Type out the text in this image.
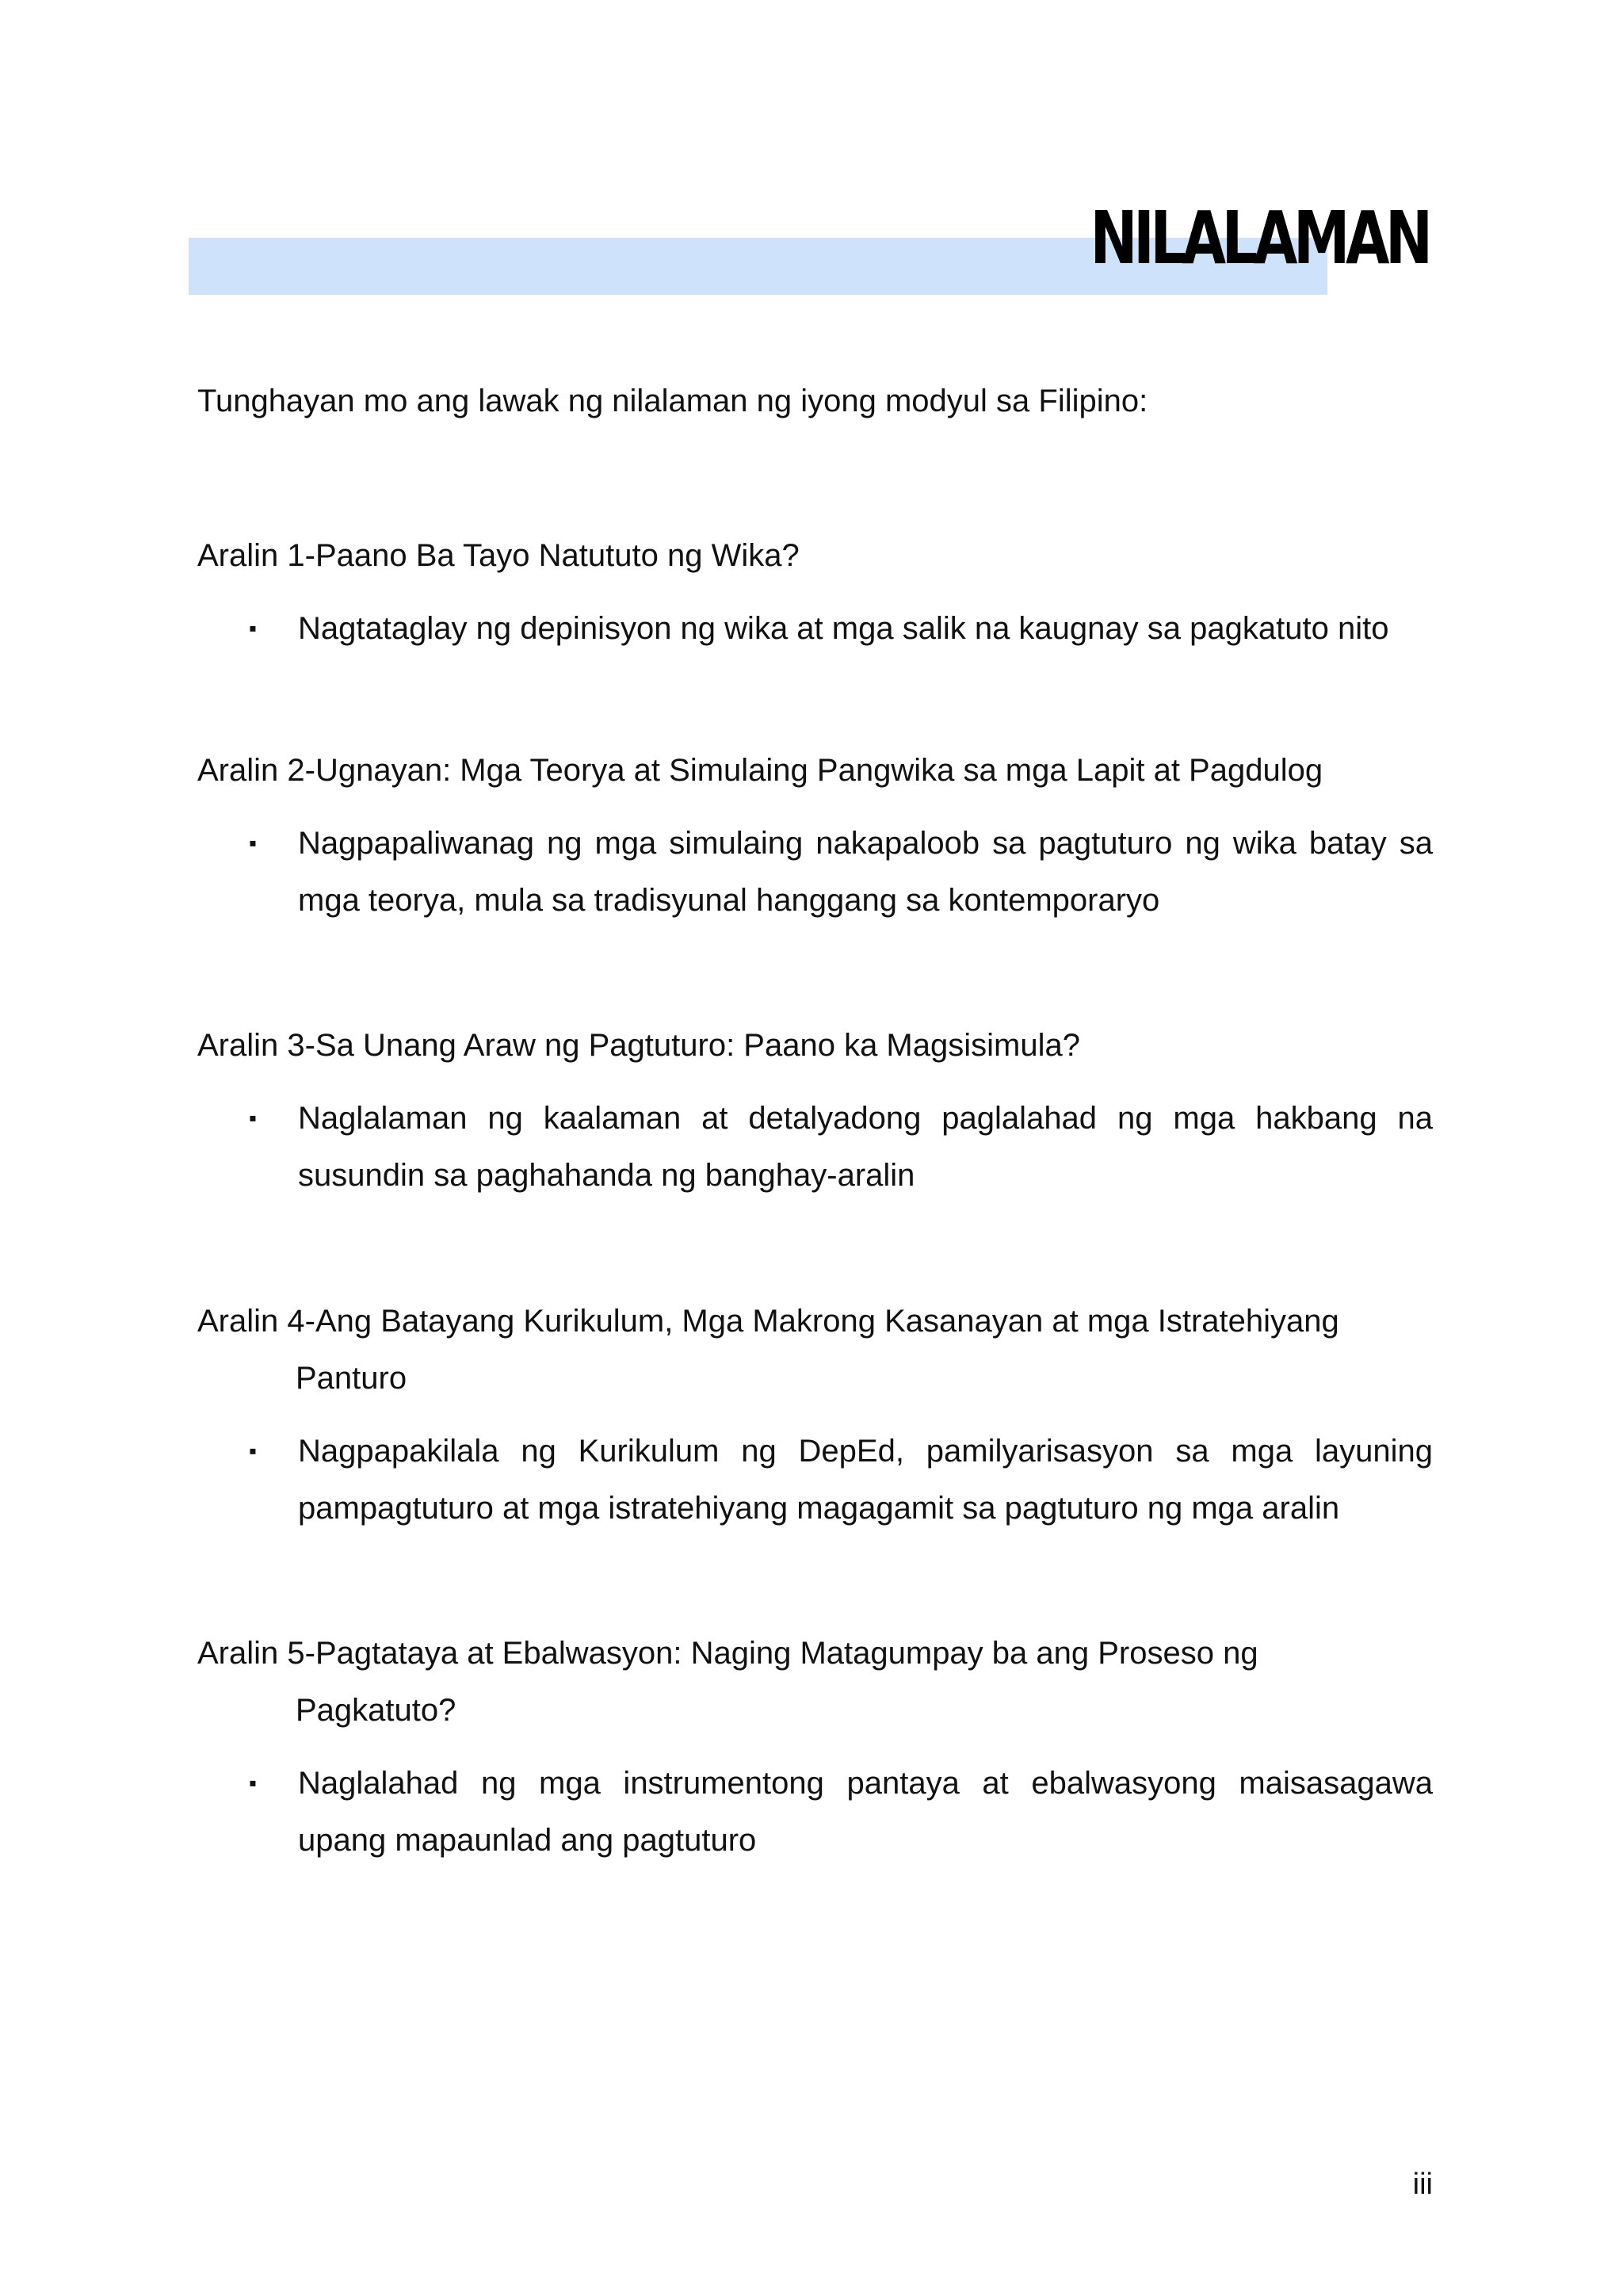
NILALAMAN

Tunghayan mo ang lawak ng nilalaman ng iyong modyul sa Filipino:

Aralin 1-Paano Ba Tayo Natututo ng Wika?
▪ Nagtataglay ng depinisyon ng wika at mga salik na kaugnay sa pagkatuto nito
Aralin 2-Ugnayan: Mga Teorya at Simulaing Pangwika sa mga Lapit at Pagdulog
▪ Nagpapaliwanag ng mga simulaing nakapaloob sa pagtuturo ng wika batay sa mga teorya, mula sa tradisyunal hanggang sa kontemporaryo
Aralin 3-Sa Unang Araw ng Pagtuturo: Paano ka Magsisimula?
▪ Naglalaman ng kaalaman at detalyadong paglalahad ng mga hakbang na susundin sa paghahanda ng banghay-aralin
Aralin 4-Ang Batayang Kurikulum, Mga Makrong Kasanayan at mga Istratehiyang
Panturo
▪ Nagpapakilala ng Kurikulum ng DepEd, pamilyarisasyon sa mga layuning pampagtuturo at mga istratehiyang magagamit sa pagtuturo ng mga aralin
Aralin 5-Pagtataya at Ebalwasyon: Naging Matagumpay ba ang Proseso ng
Pagkatuto?
▪ Naglalahad ng mga instrumentong pantaya at ebalwasyong maisasagawa upang mapaunlad ang pagtuturo

iii
